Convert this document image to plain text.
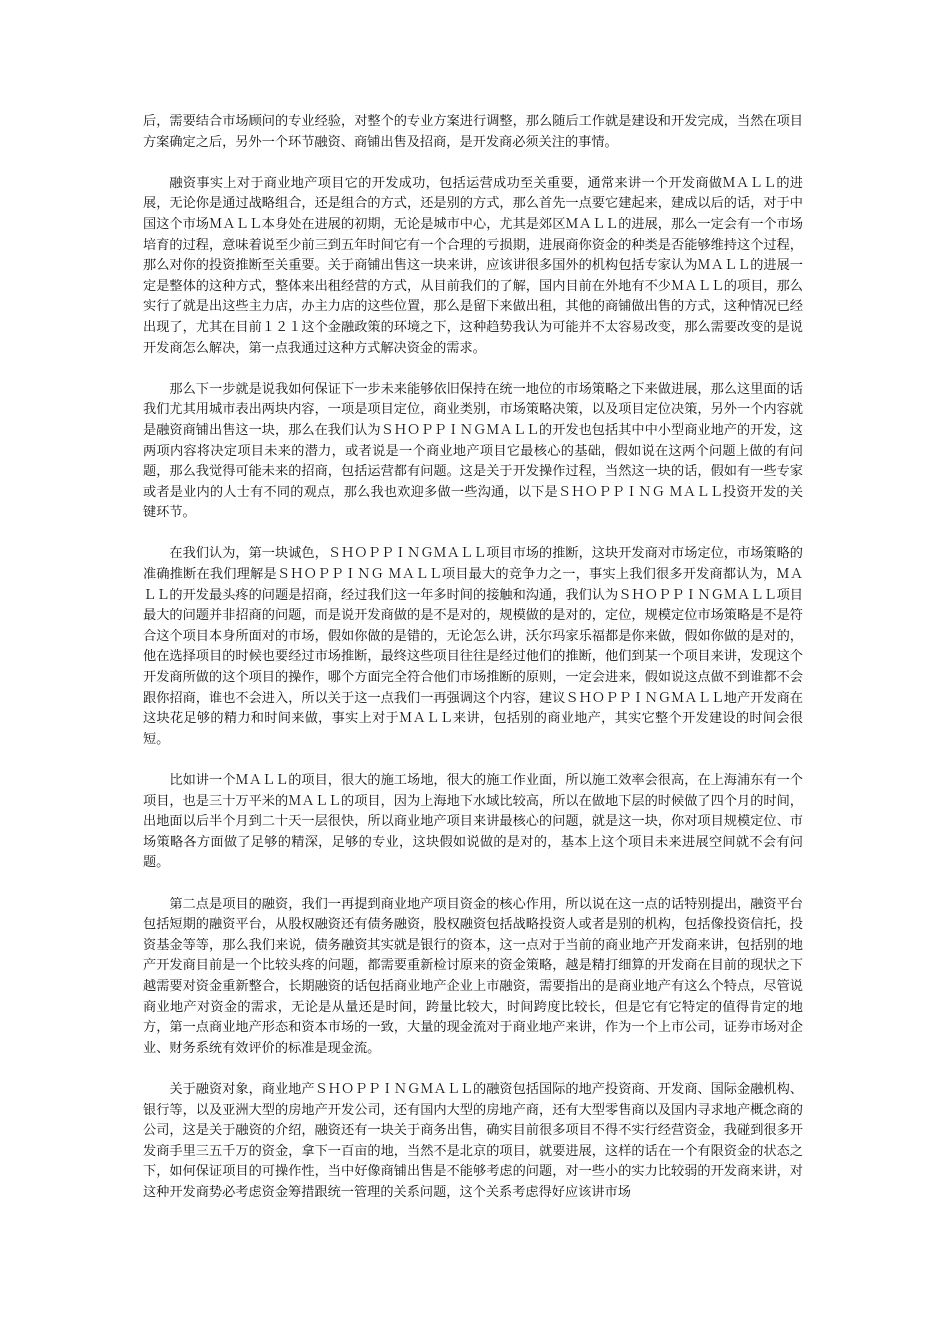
后，需要结合市场顾问的专业经验，对整个的专业方案进行调整，那么随后工作就是建设和开发完成，当然在项目方案确定之后，另外一个环节融资、商铺出售及招商，是开发商必须关注的事情。

融资事实上对于商业地产项目它的开发成功，包括运营成功至关重要，通常来讲一个开发商做ＭＡＬＬ的进展，无论你是通过战略组合，还是组合的方式，还是别的方式，那么首先一点要它建起来，建成以后的话，对于中国这个市场ＭＡＬＬ本身处在进展的初期，无论是城市中心，尤其是郊区ＭＡＬＬ的进展，那么一定会有一个市场培育的过程，意味着说至少前三到五年时间它有一个合理的亏损期，进展商你资金的种类是否能够维持这个过程，那么对你的投资推断至关重要。关于商铺出售这一块来讲，应该讲很多国外的机构包括专家认为ＭＡＬＬ的进展一定是整体的这种方式，整体来出租经营的方式，从目前我们的了解，国内目前在外地有不少ＭＡＬＬ的项目，那么实行了就是出这些主力店，办主力店的这些位置，那么是留下来做出租，其他的商铺做出售的方式，这种情况已经出现了，尤其在目前１２１这个金融政策的环境之下，这种趋势我认为可能并不太容易改变，那么需要改变的是说开发商怎么解决，第一点我通过这种方式解决资金的需求。

那么下一步就是说我如何保证下一步未来能够依旧保持在统一地位的市场策略之下来做进展，那么这里面的话我们尤其用城市表出两块内容，一项是项目定位，商业类别，市场策略决策，以及项目定位决策，另外一个内容就是融资商铺出售这一块，那么在我们认为ＳＨＯＰＰＩＮＧＭＡＬＬ的开发也包括其中中小型商业地产的开发，这两项内容将决定项目未来的潜力，或者说是一个商业地产项目它最核心的基础，假如说在这两个问题上做的有问题，那么我觉得可能未来的招商，包括运营都有问题。这是关于开发操作过程，当然这一块的话，假如有一些专家或者是业内的人士有不同的观点，那么我也欢迎多做一些沟通，以下是ＳＨＯＰＰＩＮＧ ＭＡＬＬ投资开发的关键环节。

在我们认为，第一块诚色，ＳＨＯＰＰＩＮＧＭＡＬＬ项目市场的推断，这块开发商对市场定位，市场策略的准确推断在我们理解是ＳＨＯＰＰＩＮＧ ＭＡＬＬ项目最大的竞争力之一，事实上我们很多开发商都认为，ＭＡＬＬ的开发最头疼的问题是招商，经过我们这一年多时间的接触和沟通，我们认为ＳＨＯＰＰＩＮＧＭＡＬＬ项目最大的问题并非招商的问题，而是说开发商做的是不是对的，规模做的是对的，定位，规模定位市场策略是不是符合这个项目本身所面对的市场，假如你做的是错的，无论怎么讲，沃尔玛家乐福都是你来做，假如你做的是对的，他在选择项目的时候也要经过市场推断，最终这些项目往往是经过他们的推断，他们到某一个项目来讲，发现这个开发商所做的这个项目的操作，哪个方面完全符合他们市场推断的原则，一定会进来，假如说这点做不到谁都不会跟你招商，谁也不会进入，所以关于这一点我们一再强调这个内容，建议ＳＨＯＰＰＩＮＧＭＡＬＬ地产开发商在这块花足够的精力和时间来做，事实上对于ＭＡＬＬ来讲，包括别的商业地产，其实它整个开发建设的时间会很短。

比如讲一个ＭＡＬＬ的项目，很大的施工场地，很大的施工作业面，所以施工效率会很高，在上海浦东有一个项目，也是三十万平米的ＭＡＬＬ的项目，因为上海地下水域比较高，所以在做地下层的时候做了四个月的时间，出地面以后半个月到二十天一层很快，所以商业地产项目来讲最核心的问题，就是这一块，你对项目规模定位、市场策略各方面做了足够的精深，足够的专业，这块假如说做的是对的，基本上这个项目未来进展空间就不会有问题。

第二点是项目的融资，我们一再提到商业地产项目资金的核心作用，所以说在这一点的话特别提出，融资平台包括短期的融资平台，从股权融资还有债务融资，股权融资包括战略投资人或者是别的机构，包括像投资信托，投资基金等等，那么我们来说，债务融资其实就是银行的资本，这一点对于当前的商业地产开发商来讲，包括别的地产开发商目前是一个比较头疼的问题，都需要重新检讨原来的资金策略，越是精打细算的开发商在目前的现状之下越需要对资金重新整合，长期融资的话包括商业地产企业上市融资，需要指出的是商业地产有这么个特点，尽管说商业地产对资金的需求，无论是从量还是时间，跨量比较大，时间跨度比较长，但是它有它特定的值得肯定的地方，第一点商业地产形态和资本市场的一致，大量的现金流对于商业地产来讲，作为一个上市公司，证券市场对企业、财务系统有效评价的标准是现金流。

关于融资对象，商业地产ＳＨＯＰＰＩＮＧＭＡＬＬ的融资包括国际的地产投资商、开发商、国际金融机构、银行等，以及亚洲大型的房地产开发公司，还有国内大型的房地产商，还有大型零售商以及国内寻求地产概念商的公司，这是关于融资的介绍，融资还有一块关于商务出售，确实目前很多项目不得不实行经营资金，我碰到很多开发商手里三五千万的资金，拿下一百亩的地，当然不是北京的项目，就要进展，这样的话在一个有限资金的状态之下，如何保证项目的可操作性，当中好像商铺出售是不能够考虑的问题，对一些小的实力比较弱的开发商来讲，对这种开发商势必考虑资金筹措跟统一管理的关系问题，这个关系考虑得好应该讲市场
